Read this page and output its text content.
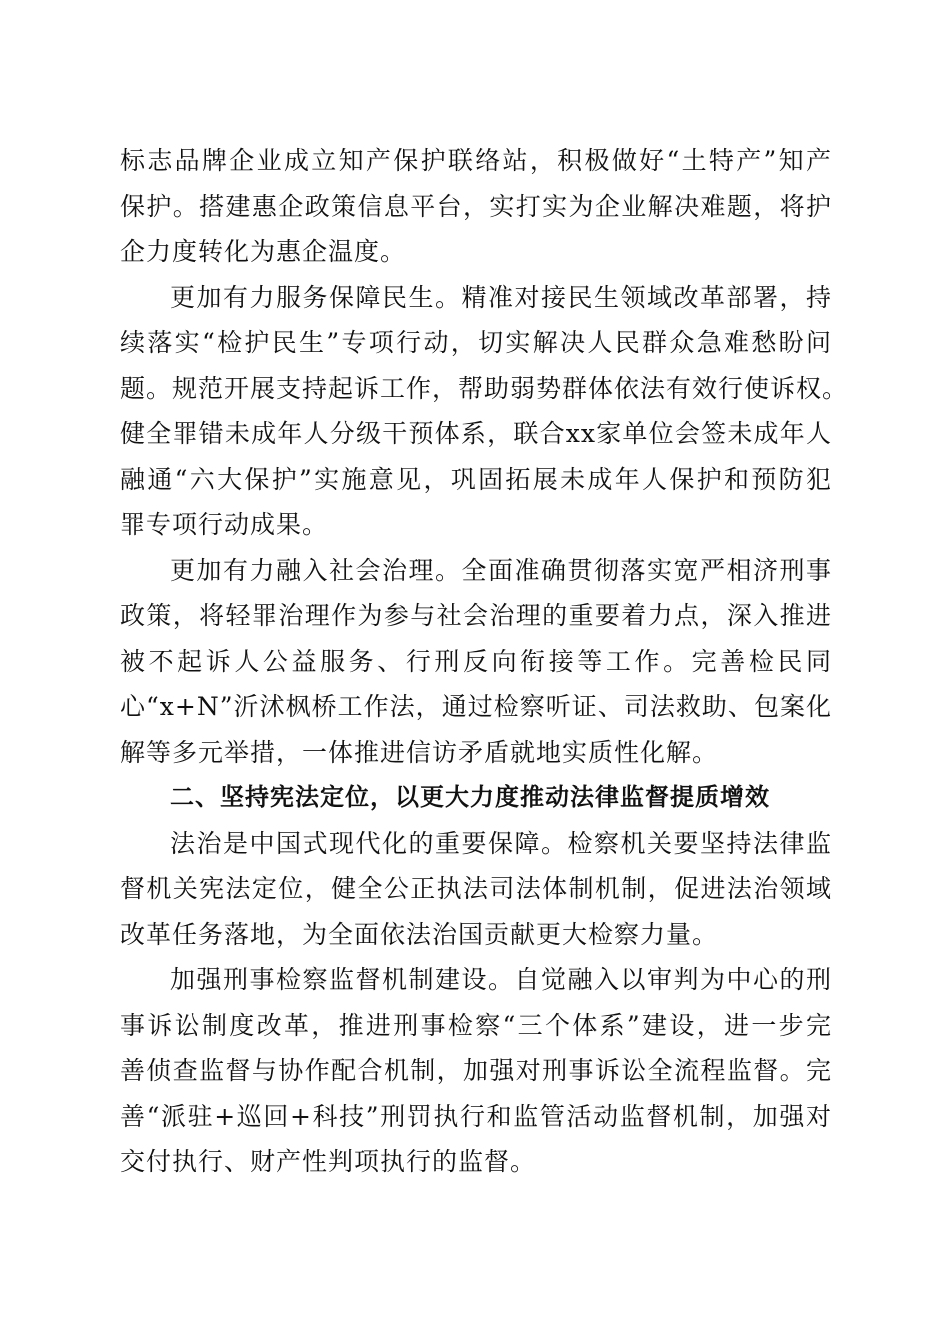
标志品牌企业成立知产保护联络站，积极做好“土特产”知产
保护。搭建惠企政策信息平台，实打实为企业解决难题，将护
企力度转化为惠企温度。
更加有力服务保障民生。精准对接民生领域改革部署，持
续落实“检护民生”专项行动，切实解决人民群众急难愁盼问
题。规范开展支持起诉工作，帮助弱势群体依法有效行使诉权。
健全罪错未成年人分级干预体系，联合xx家单位会签未成年人
融通“六大保护”实施意见，巩固拓展未成年人保护和预防犯
罪专项行动成果。
更加有力融入社会治理。全面准确贯彻落实宽严相济刑事
政策，将轻罪治理作为参与社会治理的重要着力点，深入推进
被不起诉人公益服务、行刑反向衔接等工作。完善检民同
心“x+N”沂沭枫桥工作法，通过检察听证、司法救助、包案化
解等多元举措，一体推进信访矛盾就地实质性化解。
二、坚持宪法定位，以更大力度推动法律监督提质增效
法治是中国式现代化的重要保障。检察机关要坚持法律监
督机关宪法定位，健全公正执法司法体制机制，促进法治领域
改革任务落地，为全面依法治国贡献更大检察力量。
加强刑事检察监督机制建设。自觉融入以审判为中心的刑
事诉讼制度改革，推进刑事检察“三个体系”建设，进一步完
善侦查监督与协作配合机制，加强对刑事诉讼全流程监督。完
善“派驻+巡回+科技”刑罚执行和监管活动监督机制，加强对
交付执行、财产性判项执行的监督。
